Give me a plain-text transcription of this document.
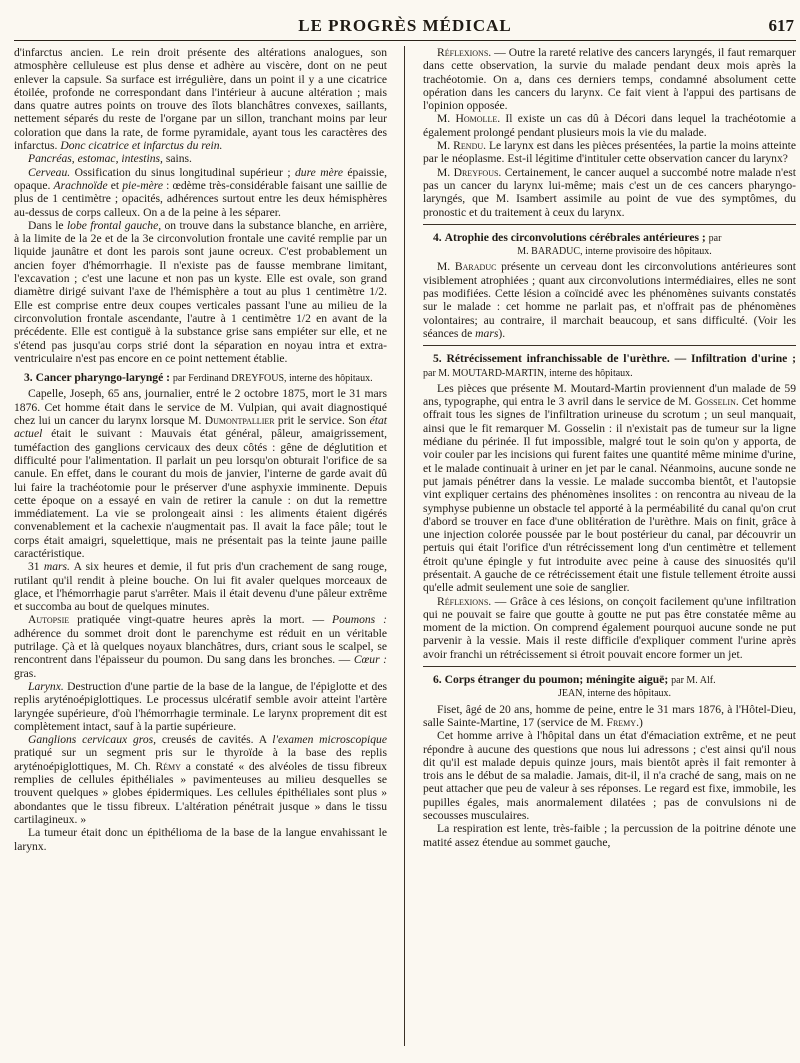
LE PROGRÈS MÉDICAL	617

d'infarctus ancien. Le rein droit présente des altérations analogues, son atmosphère celluleuse est plus dense et adhère au viscère, dont on ne peut enlever la capsule. Sa surface est irrégulière, dans un point il y a une cicatrice étoilée, profonde ne correspondant dans l'intérieur à aucune altération ; mais dans quatre autres points on trouve des îlots blanchâtres convexes, saillants, nettement séparés du reste de l'organe par un sillon, tranchant moins par leur coloration que dans la rate, de forme pyramidale, ayant tous les caractères des infarctus. Donc cicatrice et infarctus du rein.

Pancréas, estomac, intestins, sains.

Cerveau. Ossification du sinus longitudinal supérieur ; dure mère épaissie, opaque. Arachnoïde et pie-mère : œdème très-considérable faisant une saillie de plus de 1 centimètre ; opacités, adhérences surtout entre les deux hémisphères au-dessus de corps calleux. On a de la peine à les séparer.

Dans le lobe frontal gauche, on trouve dans la substance blanche, en arrière, à la limite de la 2e et de la 3e circonvolution frontale une cavité remplie par un liquide jaunâtre et dont les parois sont jaune ocreux. C'est probablement un ancien foyer d'hémorrhagie. Il n'existe pas de fausse membrane limitant, l'excavation ; c'est une lacune et non pas un kyste. Elle est ovale, son grand diamètre dirigé suivant l'axe de l'hémisphère a tout au plus 1 centimètre 1/2. Elle est comprise entre deux coupes verticales passant l'une au milieu de la circonvolution frontale ascendante, l'autre à 1 centimètre 1/2 en avant de la précédente. Elle est contiguë à la substance grise sans empiéter sur elle, et ne s'étend pas jusqu'au corps strié dont la séparation en noyau intra et extra-ventriculaire n'est pas encore en ce point nettement établie.

3. Cancer pharyngo-laryngé : par Ferdinand DREYFOUS, interne des hôpitaux.

Capelle, Joseph, 65 ans, journalier, entré le 2 octobre 1875, mort le 31 mars 1876. Cet homme était dans le service de M. Vulpian, qui avait diagnostiqué chez lui un cancer du larynx lorsque M. Dumontpallier prit le service. Son état actuel était le suivant : Mauvais état général, pâleur, amaigrissement, tuméfaction des ganglions cervicaux des deux côtés : gêne de déglutition et difficulté pour l'alimentation. Il parlait un peu lorsqu'on obturait l'orifice de sa canule. En effet, dans le courant du mois de janvier, l'interne de garde avait dû lui faire la trachéotomie pour le préserver d'une asphyxie imminente. Depuis cette époque on a essayé en vain de retirer la canule : on dut la remettre immédiatement. La vie se prolongeait ainsi : les aliments étaient digérés convenablement et la cachexie n'augmentait pas. Il avait la face pâle; tout le corps était amaigri, squelettique, mais ne présentait pas la teinte jaune paille caractéristique.

31 mars. A six heures et demie, il fut pris d'un crachement de sang rouge, rutilant qu'il rendit à pleine bouche. On lui fit avaler quelques morceaux de glace, et l'hémorrhagie parut s'arrêter. Mais il était devenu d'une pâleur extrême et succomba au bout de quelques minutes.

Autopsie pratiquée vingt-quatre heures après la mort. — Poumons : adhérence du sommet droit dont le parenchyme est réduit en un véritable putrilage. Çà et là quelques noyaux blanchâtres, durs, criant sous le scalpel, se rencontrent dans l'épaisseur du poumon. Du sang dans les bronches. — Cœur : gras.

Larynx. Destruction d'une partie de la base de la langue, de l'épiglotte et des replis aryténoépiglottiques. Le processus ulcératif semble avoir atteint l'artère laryngée supérieure, d'où l'hémorrhagie terminale. Le larynx proprement dit est complètement intact, sauf à la partie supérieure.

Ganglions cervicaux gros, creusés de cavités. A l'examen microscopique pratiqué sur un segment pris sur le thyroïde à la base des replis aryténoépiglottiques, M. Ch. Rémy a constaté « des alvéoles de tissu fibreux remplies de cellules épithéliales » pavimenteuses au milieu desquelles se trouvent quelques » globes épidermiques. Les cellules épithéliales sont plus » abondantes que le tissu fibreux. L'altération pénétrait jusque » dans le tissu cartilagineux. »

La tumeur était donc un épithélioma de la base de la langue envahissant le larynx.

Réflexions. — Outre la rareté relative des cancers laryngés, il faut remarquer dans cette observation, la survie du malade pendant deux mois après la trachéotomie. On a, dans ces derniers temps, condamné absolument cette opération dans les cancers du larynx. Ce fait vient à l'appui des partisans de l'opinion opposée.

M. Homolle. Il existe un cas dû à Décori dans lequel la trachéotomie a également prolongé pendant plusieurs mois la vie du malade.

M. Rendu. Le larynx est dans les pièces présentées, la partie la moins atteinte par le néoplasme. Est-il légitime d'intituler cette observation cancer du larynx?

M. Dreyfous. Certainement, le cancer auquel a succombé notre malade n'est pas un cancer du larynx lui-même; mais c'est un de ces cancers pharyngo-laryngés, que M. Isambert assimile au point de vue des symptômes, du pronostic et du traitement à ceux du larynx.

4. Atrophie des circonvolutions cérébrales antérieures ; par
M. BARADUC, interne provisoire des hôpitaux.

M. Baraduc présente un cerveau dont les circonvolutions antérieures sont visiblement atrophiées ; quant aux circonvolutions intermédiaires, elles ne sont pas modifiées. Cette lésion a coïncidé avec les phénomènes suivants constatés sur le malade : cet homme ne parlait pas, et n'offrait pas de phénomènes volontaires; au contraire, il marchait beaucoup, et sans difficulté. (Voir les séances de mars).

5. Rétrécissement infranchissable de l'urèthre. — Infiltration d'urine ; par M. MOUTARD-MARTIN, interne des hôpitaux.

Les pièces que présente M. Moutard-Martin proviennent d'un malade de 59 ans, typographe, qui entra le 3 avril dans le service de M. Gosselin. Cet homme offrait tous les signes de l'infiltration urineuse du scrotum ; un seul manquait, ainsi que le fit remarquer M. Gosselin : il n'existait pas de tumeur sur la ligne médiane du périnée. Il fut impossible, malgré tout le soin qu'on y apporta, de voir couler par les incisions qui furent faites une quantité même minime d'urine, et le malade continuait à uriner en jet par le canal. Néanmoins, aucune sonde ne put jamais pénétrer dans la vessie. Le malade succomba bientôt, et l'autopsie vint expliquer certains des phénomènes insolites : on rencontra au niveau de la symphyse pubienne un obstacle tel apporté à la perméabilité du canal qu'on crut d'abord se trouver en face d'une oblitération de l'urèthre. Mais on finit, grâce à une injection colorée poussée par le bout postérieur du canal, par découvrir un pertuis qui était l'orifice d'un rétrécissement long d'un centimètre et tellement étroit qu'une épingle y fut introduite avec peine à cause des sinuosités qu'il présentait. A gauche de ce rétrécissement était une fistule tellement étroite aussi qu'elle admit seulement une soie de sanglier.

Réflexions. — Grâce à ces lésions, on conçoit facilement qu'une infiltration qui ne pouvait se faire que goutte à goutte ne put pas être constatée même au moment de la miction. On comprend également pourquoi aucune sonde ne put parvenir à la vessie. Mais il reste difficile d'expliquer comment l'urine après avoir franchi un rétrécissement si étroit pouvait encore former un jet.

6. Corps étranger du poumon; méningite aiguë; par M. Alf.
JEAN, interne des hôpitaux.

Fiset, âgé de 20 ans, homme de peine, entre le 31 mars 1876, à l'Hôtel-Dieu, salle Sainte-Martine, 17 (service de M. Fremy.)

Cet homme arrive à l'hôpital dans un état d'émaciation extrême, et ne peut répondre à aucune des questions que nous lui adressons ; c'est ainsi qu'il nous dit qu'il est malade depuis quinze jours, mais bientôt après il fait remonter à trois ans le début de sa maladie. Jamais, dit-il, il n'a craché de sang, mais on ne peut attacher que peu de valeur à ses réponses. Le regard est fixe, immobile, les pupilles égales, mais anormalement dilatées ; pas de convulsions ni de secousses musculaires.

La respiration est lente, très-faible ; la percussion de la poitrine dénote une matité assez étendue au sommet gauche,
